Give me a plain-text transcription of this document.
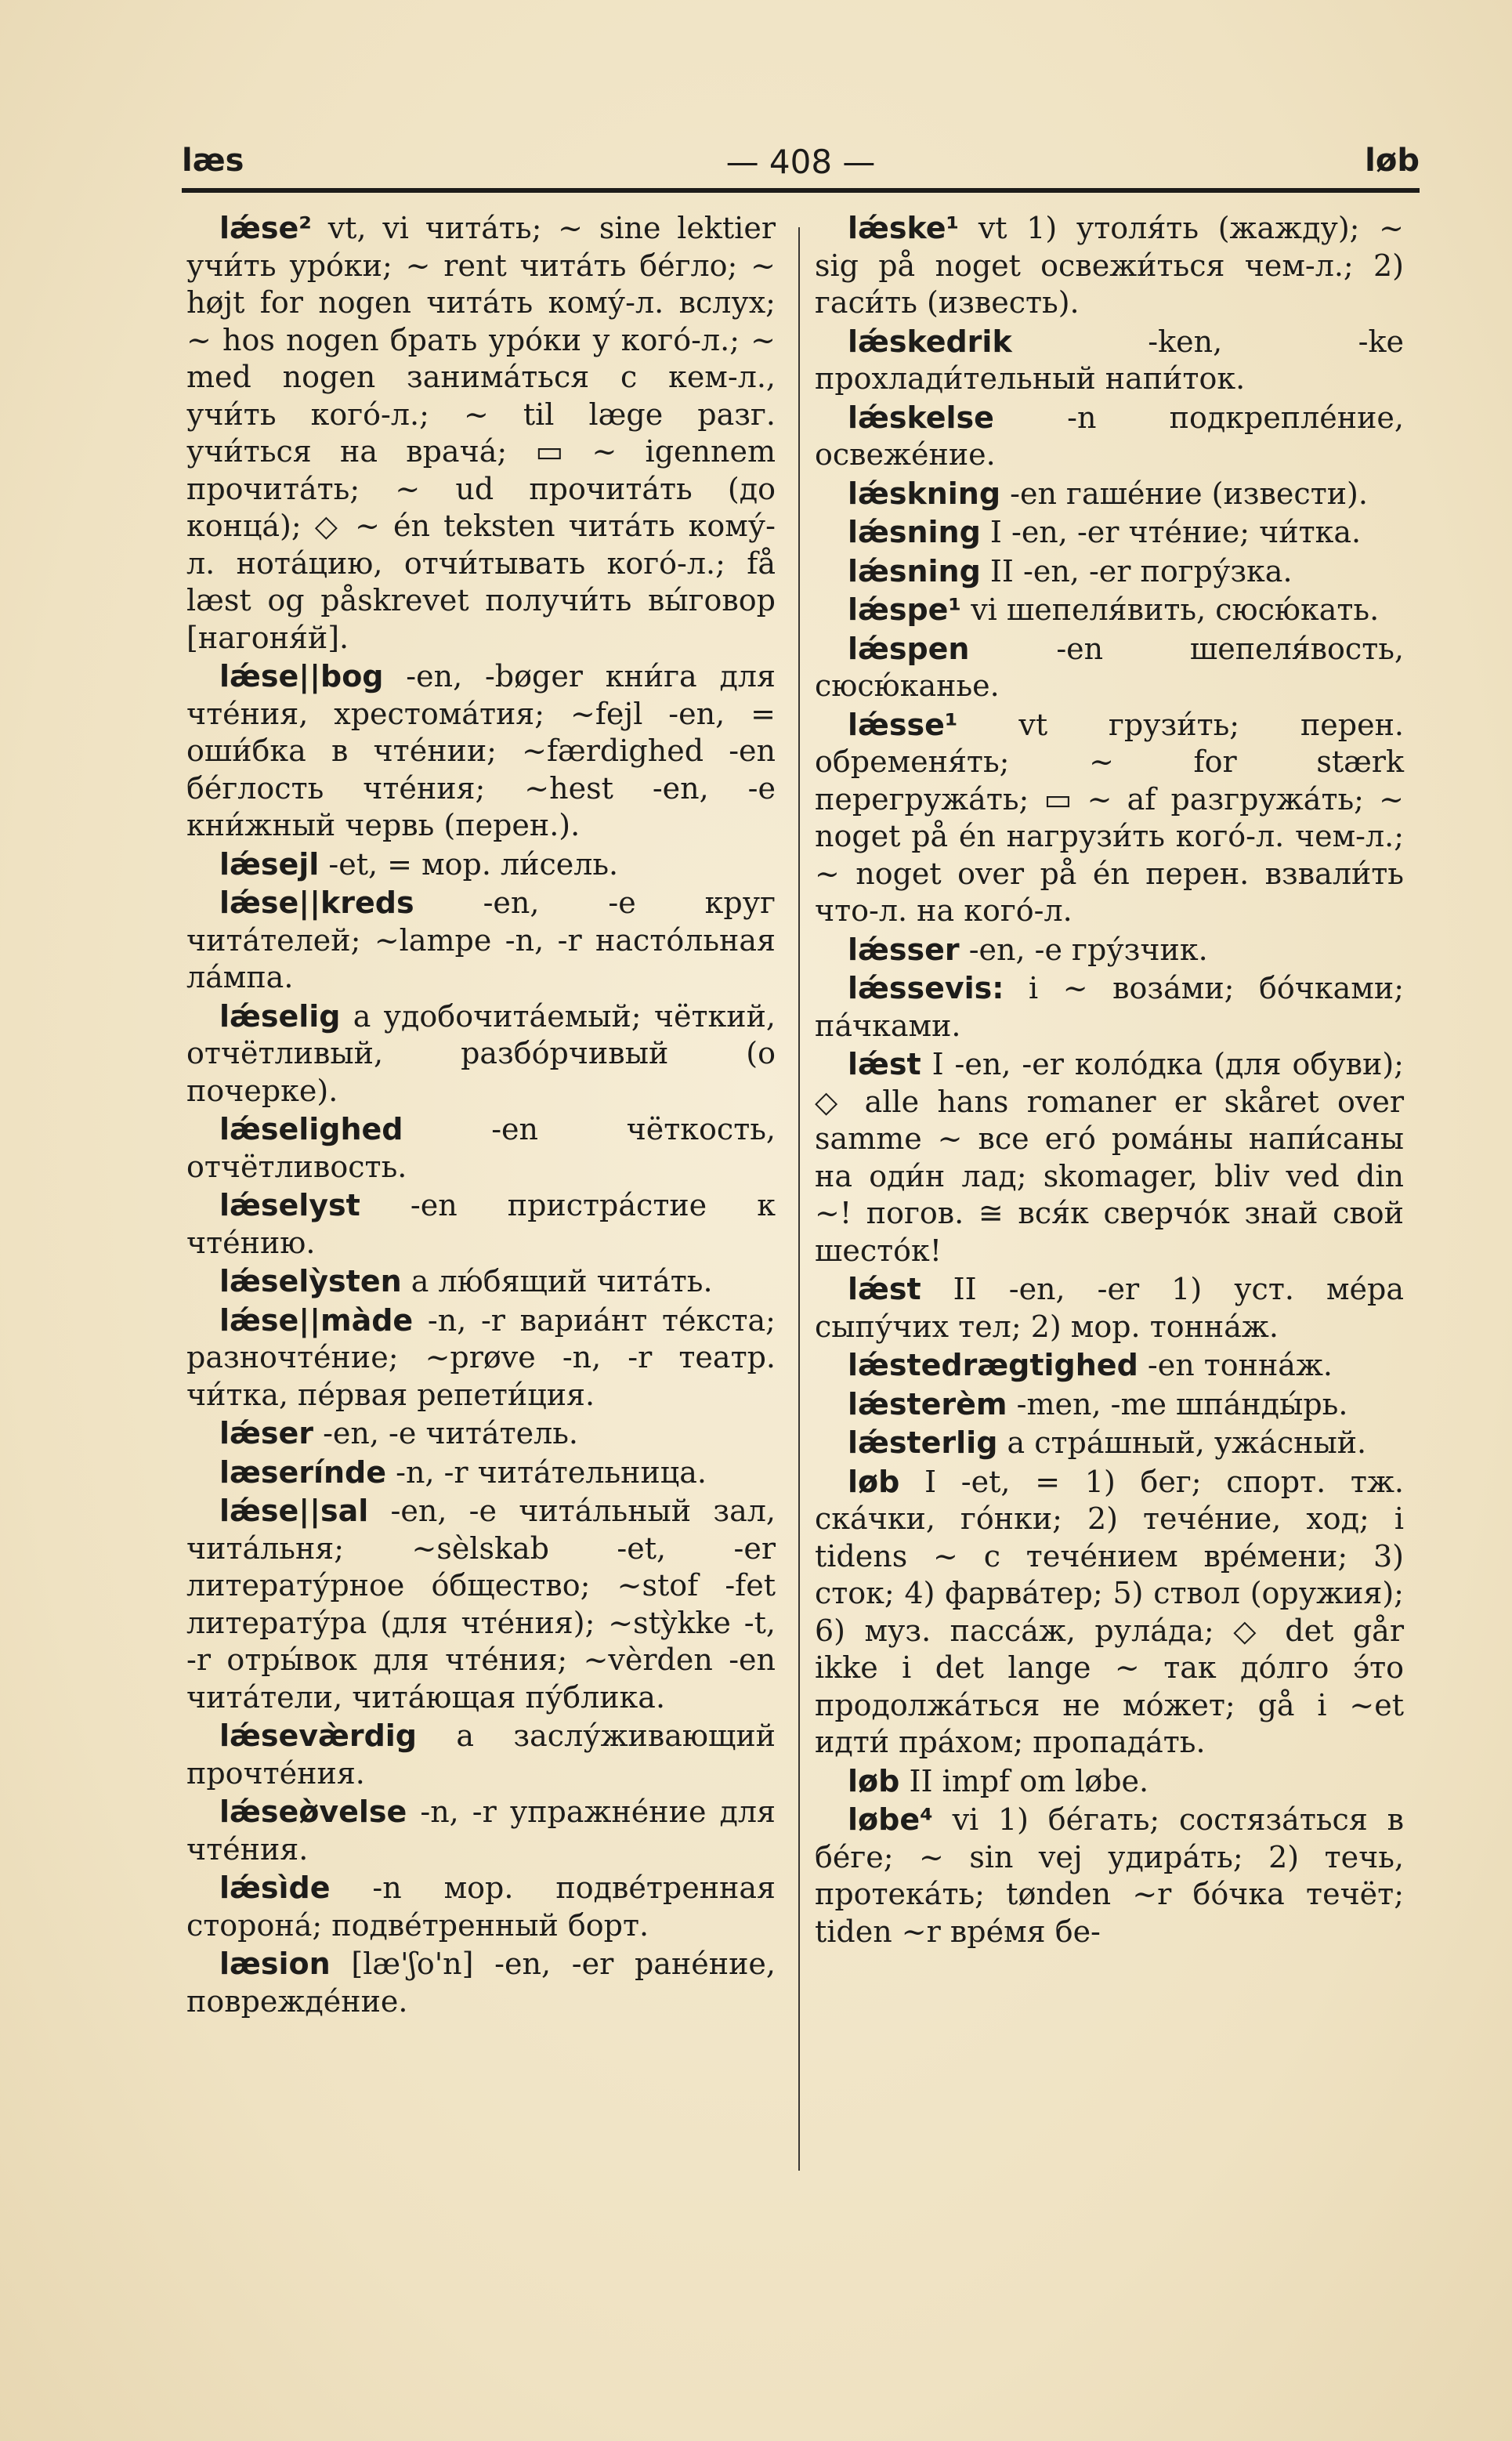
læs	— 408 —	løb

lǽse² vt, vi чита́ть; ~ sine lektier учи́ть уро́ки; ~ rent чита́ть бе́гло; ~ højt for nogen чита́ть кому́-л. вслух; ~ hos nogen брать уро́ки у кого́-л.; ~ med nogen занима́ться с кем-л., учи́ть кого́-л.; ~ til læge разг. учи́ться на врача́; ▭ ~ igennem прочита́ть; ~ ud прочита́ть (до конца́); ◇ ~ én teksten чита́ть кому́-л. нота́цию, отчи́тывать кого́-л.; få læst og påskrevet получи́ть вы́говор [нагоня́й].

lǽse||bog -en, -bøger кни́га для чте́ния, хрестома́тия; ~fejl -en, = оши́бка в чте́нии; ~færdighed -en бе́глость чте́ния; ~hest -en, -e кни́жный червь (перен.).

lǽsejl -et, = мор. ли́сель.

lǽse||kreds -en, -e круг чита́телей; ~lampe -n, -r насто́льная ла́мпа.

lǽselig a удобочита́емый; чёткий, отчётливый, разбо́рчивый (о почерке).

lǽselighed	-en чёткость, отчётливость.

lǽselyst -en пристра́стие к чте́нию.

lǽselỳsten a лю́бящий чита́ть.

lǽse||màde -n, -r вариа́нт те́кста; разночте́ние; ~prøve -n, -r театр. чи́тка, пе́рвая репети́ция.

lǽser -en, -e чита́тель.

læserínde -n, -r чита́тельница.

lǽse||sal -en, -e чита́льный зал, чита́льня; ~sèlskab -et, -er литерату́рное о́бщество; ~stof -fet литерату́ра (для чте́ния); ~stỳkke -t, -r отры́вок для чте́ния; ~vèrden -en чита́тели, чита́ющая пу́блика.

lǽsevæ̀rdig a заслу́живающий прочте́ния.

lǽseø̀velse -n, -r упражне́ние для чте́ния.

lǽsìde -n мор. подве́тренная сторона́; подве́тренный борт.

læsion [læ'ʃo'n] -en, -er ране́ние, поврежде́ние.

lǽske¹ vt 1) утоля́ть (жажду); ~ sig på noget освежи́ться чем-л.; 2) гаси́ть (известь).

lǽskedrik	-ken, -ke прохлади́тельный напи́ток.

lǽskelse -n подкрепле́ние, освеже́ние.

lǽskning -en гаше́ние (извести).

lǽsning I -en, -er чте́ние; чи́тка.

lǽsning II -en, -er погру́зка.

lǽspe¹ vi шепеля́вить, сюсю́кать.

lǽspen	-en шепеля́вость, сюсю́канье.

lǽsse¹ vt грузи́ть; перен. обременя́ть; ~ for stærk перегружа́ть; ▭ ~ af разгружа́ть; ~ noget på én нагрузи́ть кого́-л. чем-л.; ~ noget over på én перен. взвали́ть что-л. на кого́-л.

lǽsser -en, -e гру́зчик.

lǽssevis: i ~ воза́ми; бо́чками; па́чками.

lǽst I -en, -er коло́дка (для обуви); ◇ alle hans romaner er skåret over samme ~ все его́ рома́ны напи́саны на оди́н лад; skomager, bliv ved din ~! погов. ≅ вся́к сверчо́к знай свой шесто́к!

lǽst II -en, -er 1) уст. ме́ра сыпу́чих тел; 2) мор. тонна́ж.

lǽstedrægtighed -en тонна́ж.

lǽsterèm -men, -me шпа́нды́рь.

lǽsterlig a стра́шный, ужа́сный.

løb I -et, = 1) бег; спорт. тж. ска́чки, го́нки; 2) тече́ние, ход; i tidens ~ с тече́нием вре́мени; 3) сток; 4) фарва́тер; 5) ствол (оружия); 6) муз. пасса́ж, рула́да; ◇ det går ikke i det lange ~ так до́лго э́то продолжа́ться не мо́жет; gå i ~et идти́ пра́хом; пропада́ть.

løb II impf om løbe.

løbe⁴ vi 1) бе́гать; состяза́ться в бе́ге; ~ sin vej удира́ть; 2) течь, протека́ть; tønden ~r бо́чка течёт; tiden ~r вре́мя бе-
